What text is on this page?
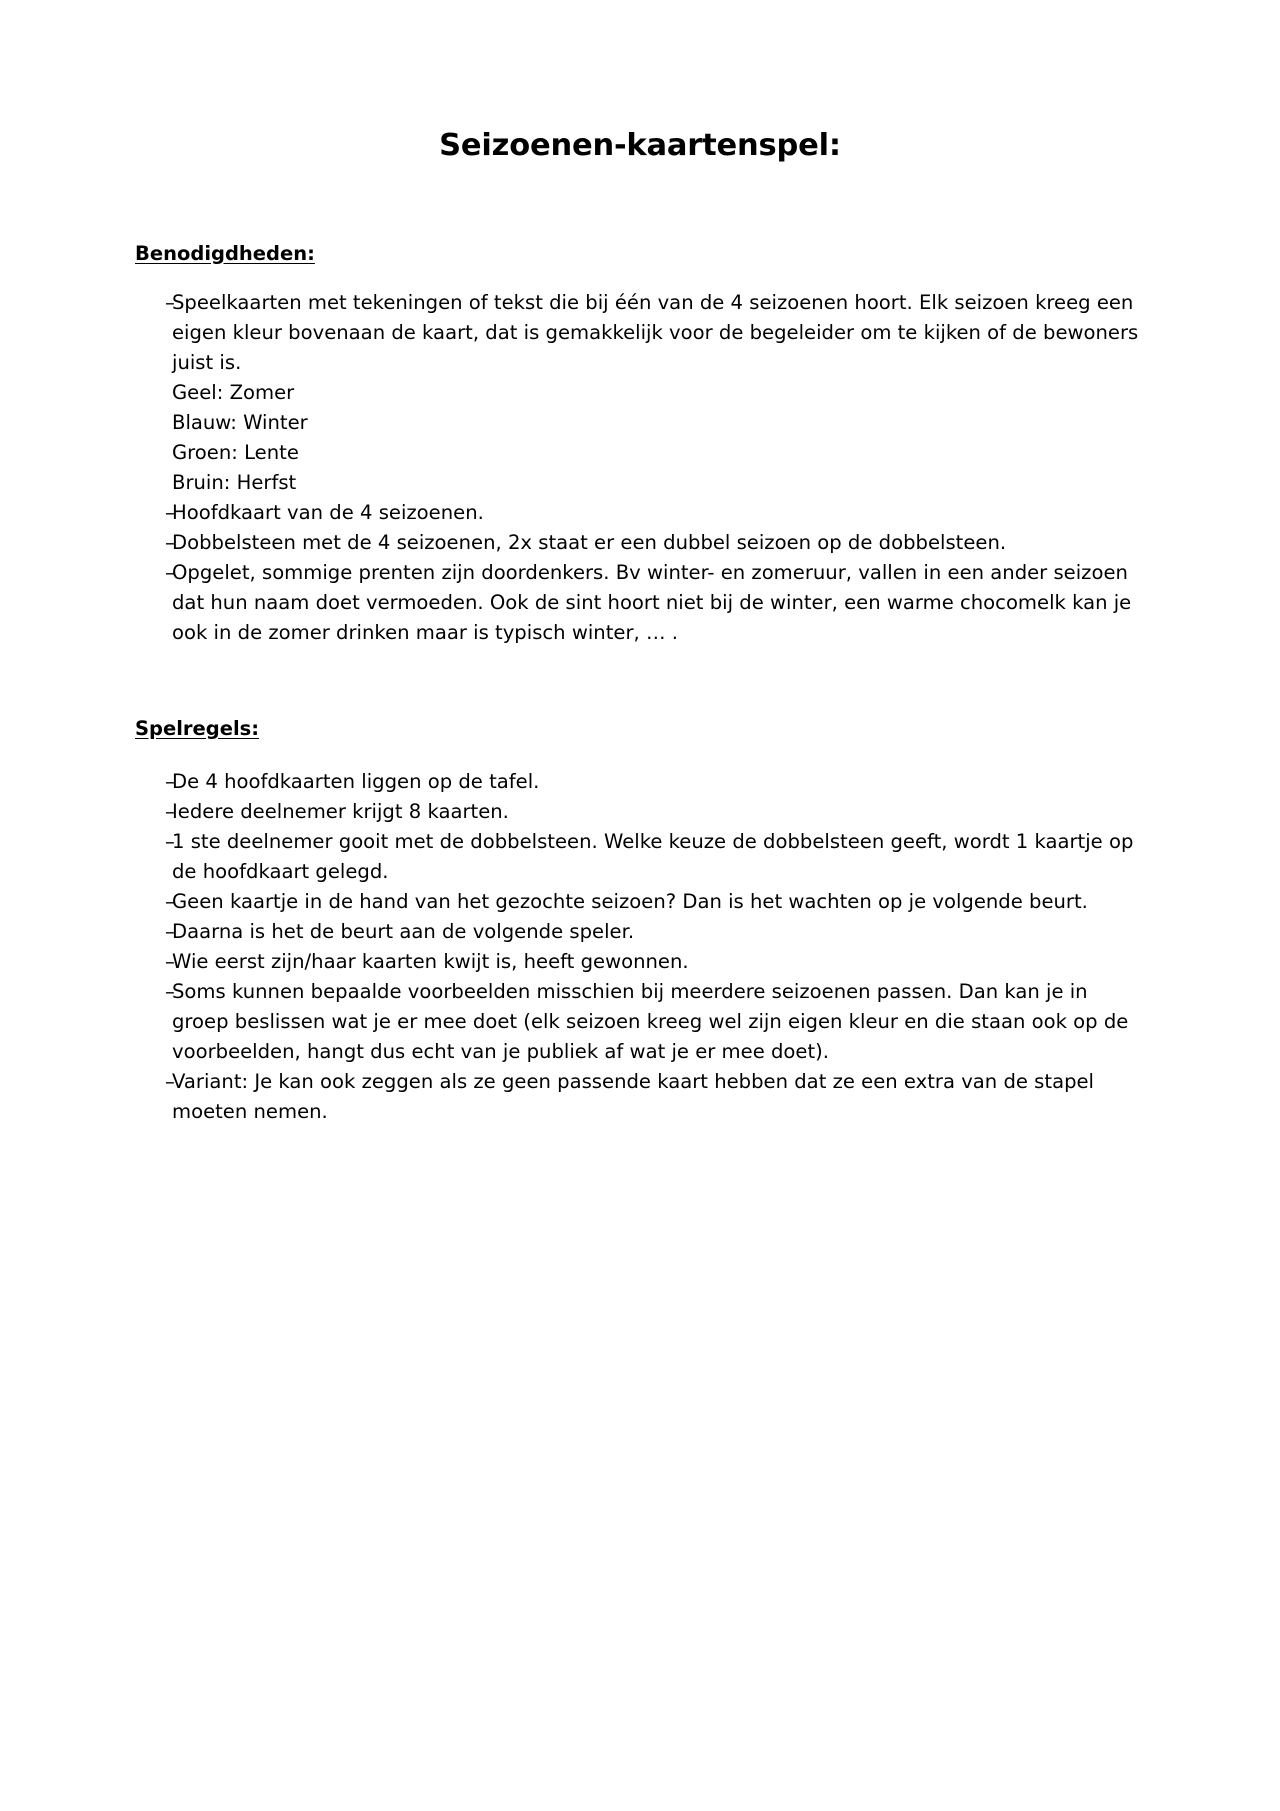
Seizoenen-kaartenspel:
Benodigdheden:
–
Speelkaarten met tekeningen of tekst die bij één van de 4 seizoenen hoort. Elk seizoen kreeg een eigen kleur bovenaan de kaart, dat is gemakkelijk voor de begeleider om te kijken of de bewoners juist is.
Geel: Zomer
Blauw: Winter
Groen: Lente
Bruin: Herfst
–
Hoofdkaart van de 4 seizoenen.
–
Dobbelsteen met de 4 seizoenen, 2x staat er een dubbel seizoen op de dobbelsteen.
–
Opgelet, sommige prenten zijn doordenkers. Bv winter- en zomeruur, vallen in een ander seizoen dat hun naam doet vermoeden. Ook de sint hoort niet bij de winter, een warme chocomelk kan je ook in de zomer drinken maar is typisch winter, … .
Spelregels:
–
De 4 hoofdkaarten liggen op de tafel.
–
Iedere deelnemer krijgt 8 kaarten.
–
1 ste deelnemer gooit met de dobbelsteen. Welke keuze de dobbelsteen geeft, wordt 1 kaartje op de hoofdkaart gelegd.
–
Geen kaartje in de hand van het gezochte seizoen? Dan is het wachten op je volgende beurt.
–
Daarna is het de beurt aan de volgende speler.
–
Wie eerst zijn/haar kaarten kwijt is, heeft gewonnen.
–
Soms kunnen bepaalde voorbeelden misschien bij meerdere seizoenen passen. Dan kan je in groep beslissen wat je er mee doet (elk seizoen kreeg wel zijn eigen kleur en die staan ook op de voorbeelden, hangt dus echt van je publiek af wat je er mee doet).
–
Variant: Je kan ook zeggen als ze geen passende kaart hebben dat ze een extra van de stapel moeten nemen.
